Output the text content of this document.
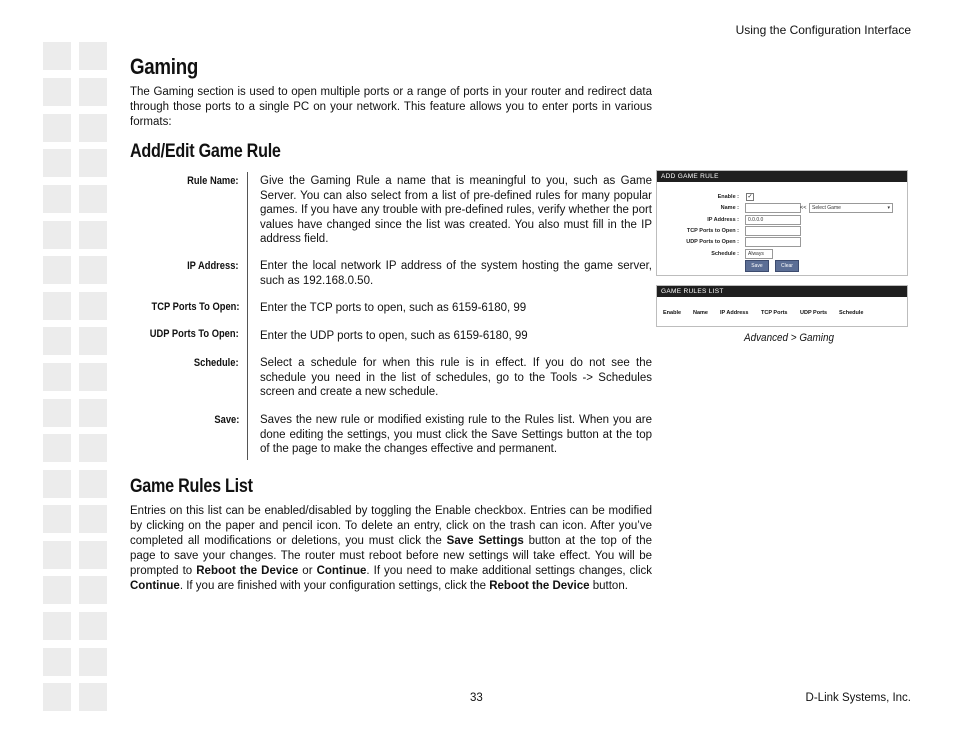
Using the Configuration Interface
Gaming

The Gaming section is used to open multiple ports or a range of ports in your router and redirect data through those ports to a single PC on your network. This feature allows you to enter ports in various formats:

Add/Edit Game Rule
Rule Name: Give the Gaming Rule a name that is meaningful to you, such as Game Server. You can also select from a list of pre-defined rules for many popular games. If you have any trouble with pre-defined rules, verify whether the port values have changed since the list was created. You also must fill in the IP address field.
IP Address: Enter the local network IP address of the system hosting the game server, such as 192.168.0.50.
TCP Ports To Open: Enter the TCP ports to open, such as 6159-6180, 99
UDP Ports To Open: Enter the UDP ports to open, such as 6159-6180, 99
Schedule: Select a schedule for when this rule is in effect. If you do not see the schedule you need in the list of schedules, go to the Tools -> Schedules screen and create a new schedule.
Save: Saves the new rule or modified existing rule to the Rules list. When you are done editing the settings, you must click the Save Settings button at the top of the page to make the changes effective and permanent.
ADD GAME RULE
Enable : ✓
Name :	<<	Select Game	▾
IP Address :	0.0.0.0
TCP Ports to Open :
UDP Ports to Open :
Schedule :	Always
Save	Clear
GAME RULES LIST
Enable Name IP Address TCP Ports UDP Ports Schedule
Advanced > Gaming
Game Rules List

Entries on this list can be enabled/disabled by toggling the Enable checkbox. Entries can be modified by clicking on the paper and pencil icon. To delete an entry, click on the trash can icon. After you’ve completed all modifications or deletions, you must click the Save Settings button at the top of the page to save your changes. The router must reboot before new settings will take effect. You will be prompted to Reboot the Device or Continue. If you need to make additional settings changes, click Continue. If you are finished with your configuration settings, click the Reboot the Device button.

33	D-Link Systems, Inc.
